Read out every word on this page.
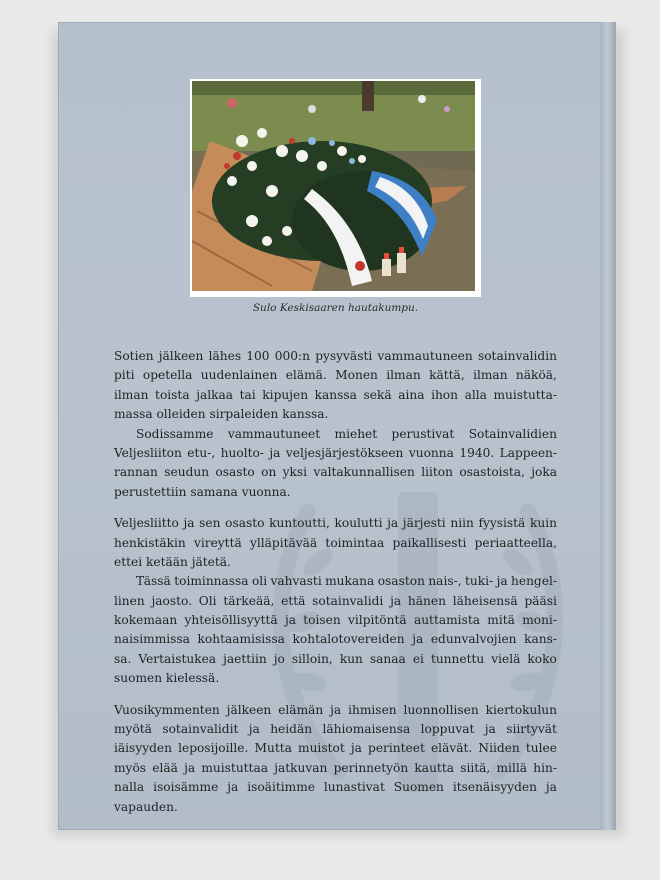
Sulo Keskisaaren hautakumpu.
Sotien jälkeen lähes 100 000:n pysyvästi vammautuneen sotainvalidin
piti opetella uudenlainen elämä. Monen ilman kättä, ilman näköä,
ilman toista jalkaa tai kipujen kanssa sekä aina ihon alla muistutta-
massa olleiden sirpaleiden kanssa.
Sodissamme vammautuneet miehet perustivat Sotainvalidien
Veljesliiton etu-, huolto- ja veljesjärjestökseen vuonna 1940. Lappeen-
rannan seudun osasto on yksi valtakunnallisen liiton osastoista, joka
perustettiin samana vuonna.
Veljesliitto ja sen osasto kuntoutti, koulutti ja järjesti niin fyysistä kuin
henkistäkin vireyttä ylläpitävää toimintaa paikallisesti periaatteella,
ettei ketään jätetä.
Tässä toiminnassa oli vahvasti mukana osaston nais-, tuki- ja hengel-
linen jaosto. Oli tärkeää, että sotainvalidi ja hänen läheisensä pääsi
kokemaan yhteisöllisyyttä ja toisen vilpitöntä auttamista mitä moni-
naisimmissa kohtaamisissa kohtalotovereiden ja edunvalvojien kans-
sa. Vertaistukea jaettiin jo silloin, kun sanaa ei tunnettu vielä koko
suomen kielessä.
Vuosikymmenten jälkeen elämän ja ihmisen luonnollisen kiertokulun
myötä sotainvalidit ja heidän lähiomaisensa loppuvat ja siirtyvät
iäisyyden leposijoille. Mutta muistot ja perinteet elävät. Niiden tulee
myös elää ja muistuttaa jatkuvan perinnetyön kautta siitä, millä hin-
nalla isoisämme ja isoäitimme lunastivat Suomen itsenäisyyden ja
vapauden.
